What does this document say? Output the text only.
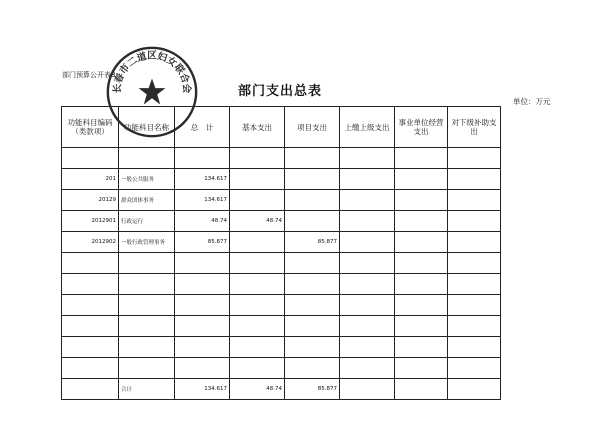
部门预算公开表8
部门支出总表
单位：万元
功能科目编码（类款项）	功能科目名称	总　计	基本支出	项目支出	上缴上级支出	事业单位经营支出	对下级补助支出

201	一般公共服务	134.617					
20129	群众团体事务	134.617					
2012901	行政运行	48.74	48.74				
2012902	一般行政管理事务	85.877		85.877			

	合计	134.617	48.74	85.877			
长春市二道区妇女联合会
